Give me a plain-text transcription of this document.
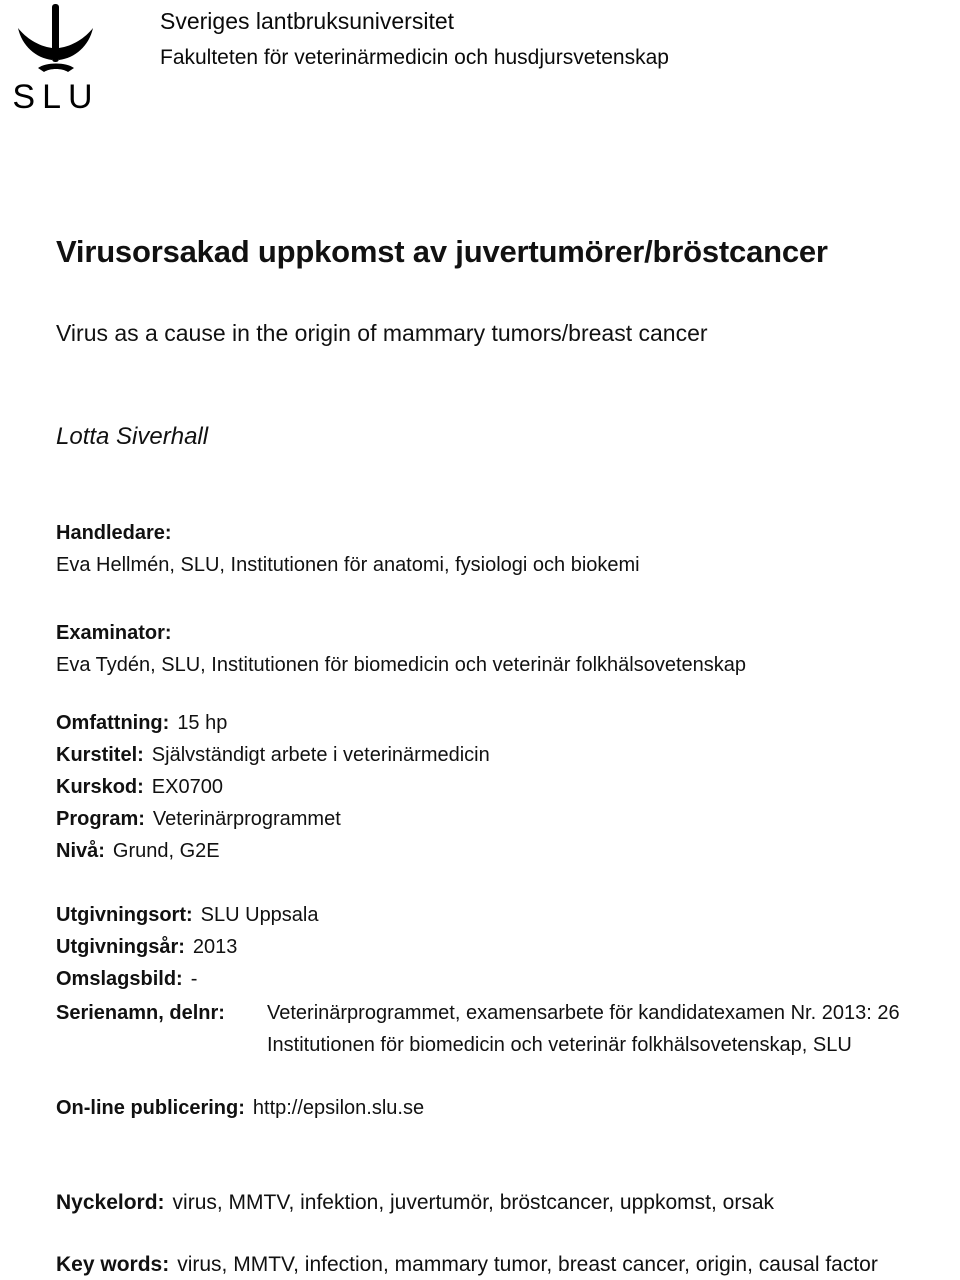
SLU
Sveriges lantbruksuniversitet
Fakulteten för veterinärmedicin och husdjursvetenskap
Virusorsakad uppkomst av juvertumörer/bröstcancer
Virus as a cause in the origin of mammary tumors/breast cancer
Lotta Siverhall
Handledare:
Eva Hellmén, SLU, Institutionen för anatomi, fysiologi och biokemi
Examinator:
Eva Tydén, SLU, Institutionen för biomedicin och veterinär folkhälsovetenskap
Omfattning: 15 hp
Kurstitel: Självständigt arbete i veterinärmedicin
Kurskod: EX0700
Program: Veterinärprogrammet
Nivå: Grund, G2E
Utgivningsort: SLU Uppsala
Utgivningsår: 2013
Omslagsbild: -
Serienamn, delnr: Veterinärprogrammet, examensarbete för kandidatexamen Nr. 2013: 26
Institutionen för biomedicin och veterinär folkhälsovetenskap, SLU
On-line publicering: http://epsilon.slu.se
Nyckelord: virus, MMTV, infektion, juvertumör, bröstcancer, uppkomst, orsak
Key words: virus, MMTV, infection, mammary tumor, breast cancer, origin, causal factor
